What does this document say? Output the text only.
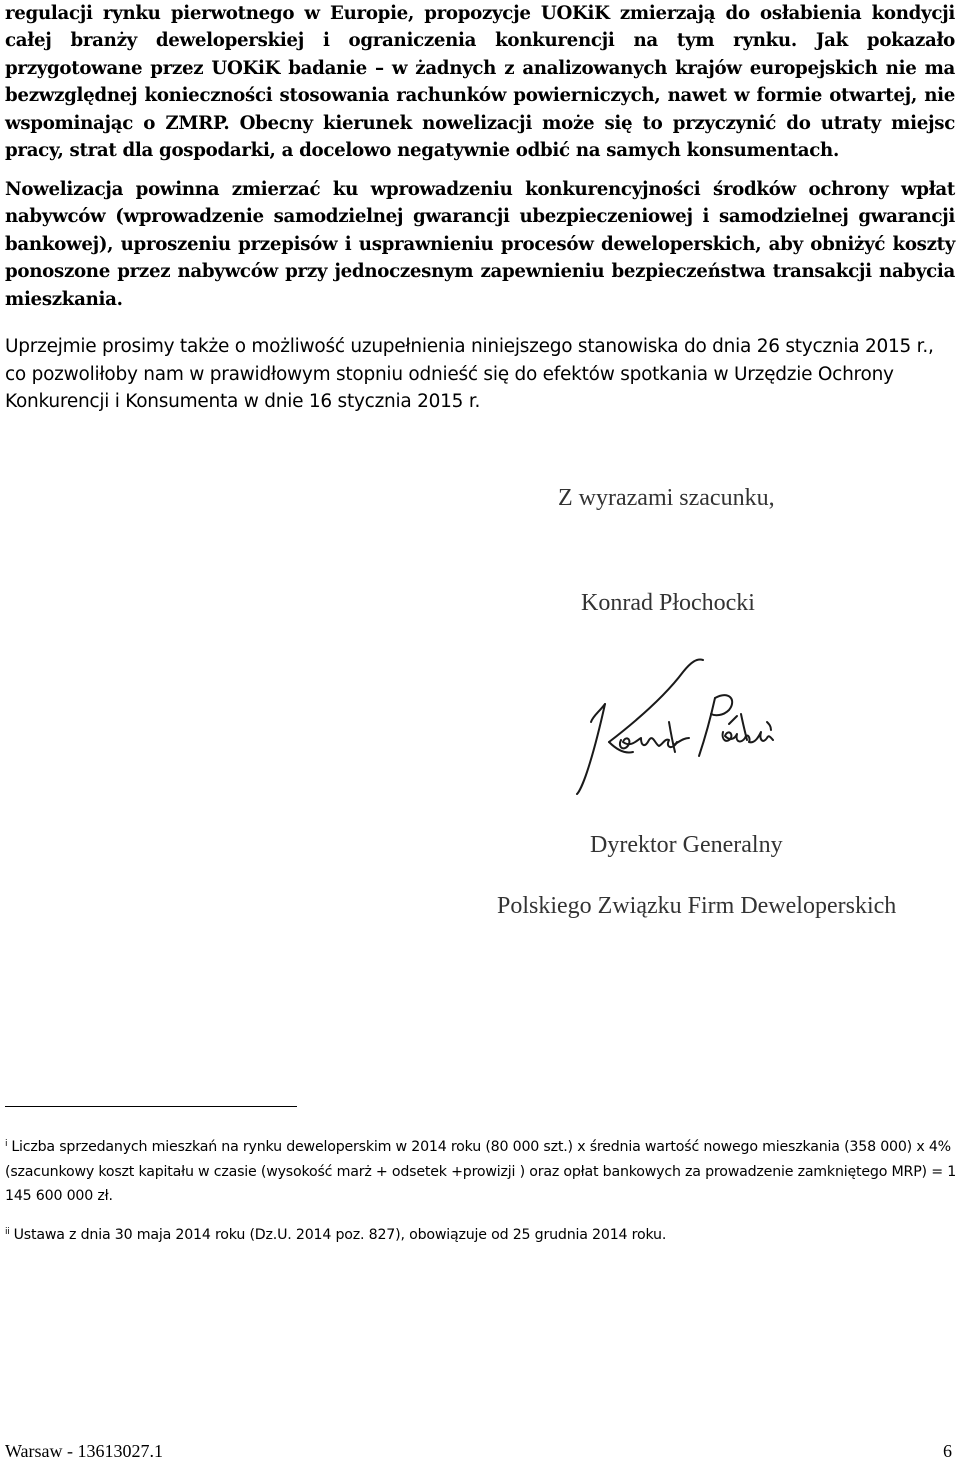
regulacji rynku pierwotnego w Europie, propozycje UOKiK zmierzają do osłabienia kondycji całej branży deweloperskiej i ograniczenia konkurencji na tym rynku. Jak pokazało przygotowane przez UOKiK badanie – w żadnych z analizowanych krajów europejskich nie ma bezwzględnej konieczności stosowania rachunków powierniczych, nawet w formie otwartej, nie wspominając o ZMRP. Obecny kierunek nowelizacji może się to przyczynić do utraty miejsc pracy, strat dla gospodarki, a docelowo negatywnie odbić na samych konsumentach.

Nowelizacja powinna zmierzać ku wprowadzeniu konkurencyjności środków ochrony wpłat nabywców (wprowadzenie samodzielnej gwarancji ubezpieczeniowej i samodzielnej gwarancji bankowej), uproszeniu przepisów i usprawnieniu procesów deweloperskich, aby obniżyć koszty ponoszone przez nabywców przy jednoczesnym zapewnieniu bezpieczeństwa transakcji nabycia mieszkania.

Uprzejmie prosimy także o możliwość uzupełnienia niniejszego stanowiska do dnia 26 stycznia 2015 r., co pozwoliłoby nam w prawidłowym stopniu odnieść się do efektów spotkania w Urzędzie Ochrony Konkurencji i Konsumenta w dnie 16 stycznia 2015 r.

Z wyrazami szacunku,

Konrad Płochocki

Dyrektor Generalny

Polskiego Związku Firm Deweloperskich

$^i$ Liczba sprzedanych mieszkań na rynku deweloperskim w 2014 roku (80 000 szt.) x średnia wartość nowego mieszkania (358 000) x 4% (szacunkowy koszt kapitału w czasie (wysokość marż + odsetek +prowizji ) oraz opłat bankowych za prowadzenie zamkniętego MRP) = 1 145 600 000 zł.

$^{ii}$ Ustawa z dnia 30 maja 2014 roku (Dz.U. 2014 poz. 827), obowiązuje od 25 grudnia 2014 roku.

Warsaw - 13613027.1	6
